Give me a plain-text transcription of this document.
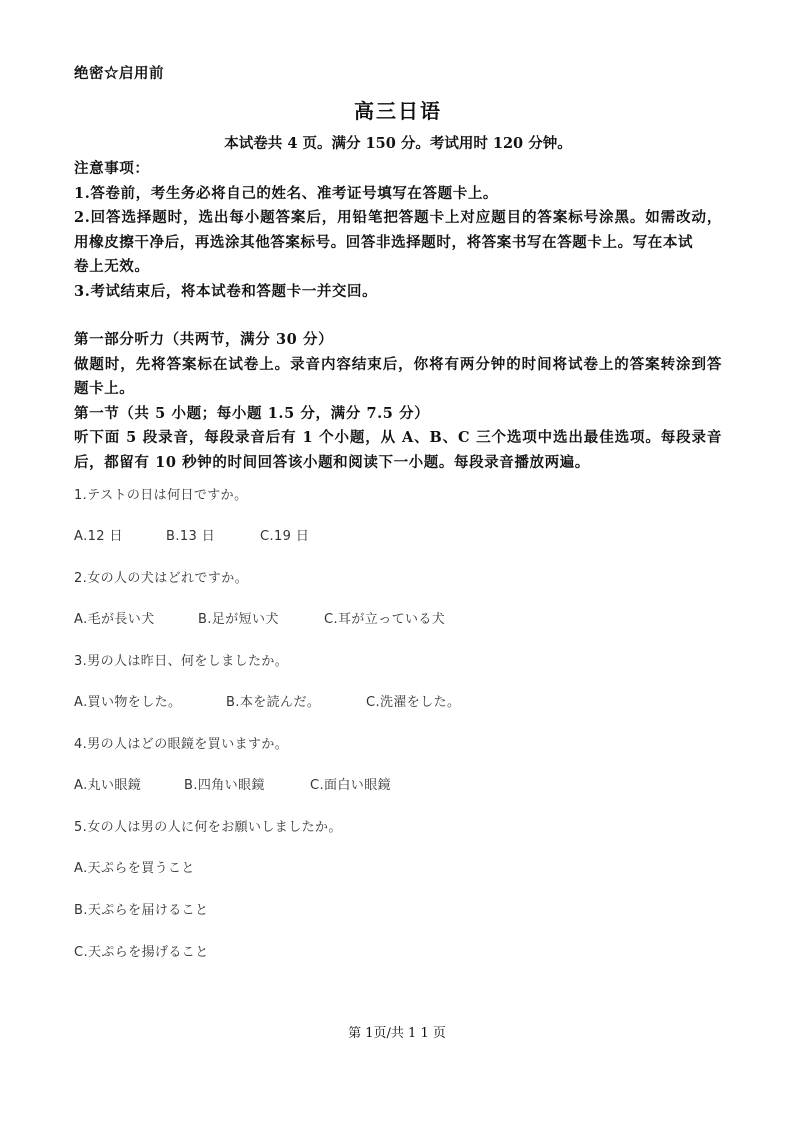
绝密☆启用前

高三日语

本试卷共 4 页。满分 150 分。考试用时 120 分钟。

注意事项：

1.答卷前，考生务必将自己的姓名、准考证号填写在答题卡上。

2.回答选择题时，选出每小题答案后，用铅笔把答题卡上对应题目的答案标号涂黑。如需改动，用橡皮擦干净后，再选涂其他答案标号。回答非选择题时，将答案书写在答题卡上。写在本试

卷上无效。

3.考试结束后，将本试卷和答题卡一并交回。

第一部分听力（共两节，满分 30 分）

做题时，先将答案标在试卷上。录音内容结束后，你将有两分钟的时间将试卷上的答案转涂到答题卡上。

第一节（共 5 小题；每小题 1.5 分，满分 7.5 分）

听下面 5 段录音，每段录音后有 1 个小题，从 A、B、C 三个选项中选出最佳选项。每段录音后，都留有 10 秒钟的时间回答该小题和阅读下一小题。每段录音播放两遍。

1.テストの日は何日ですか。

A.12 日	B.13 日	C.19 日

2.女の人の犬はどれですか。

A.毛が長い犬	B.足が短い犬	C.耳が立っている犬

3.男の人は昨日、何をしましたか。

A.買い物をした。	B.本を読んだ。	C.洗濯をした。

4.男の人はどの眼鏡を買いますか。

A.丸い眼鏡	B.四角い眼鏡	C.面白い眼鏡

5.女の人は男の人に何をお願いしましたか。

A.天ぷらを買うこと

B.天ぷらを届けること

C.天ぷらを揚げること

第 1页/共 1 1 页
